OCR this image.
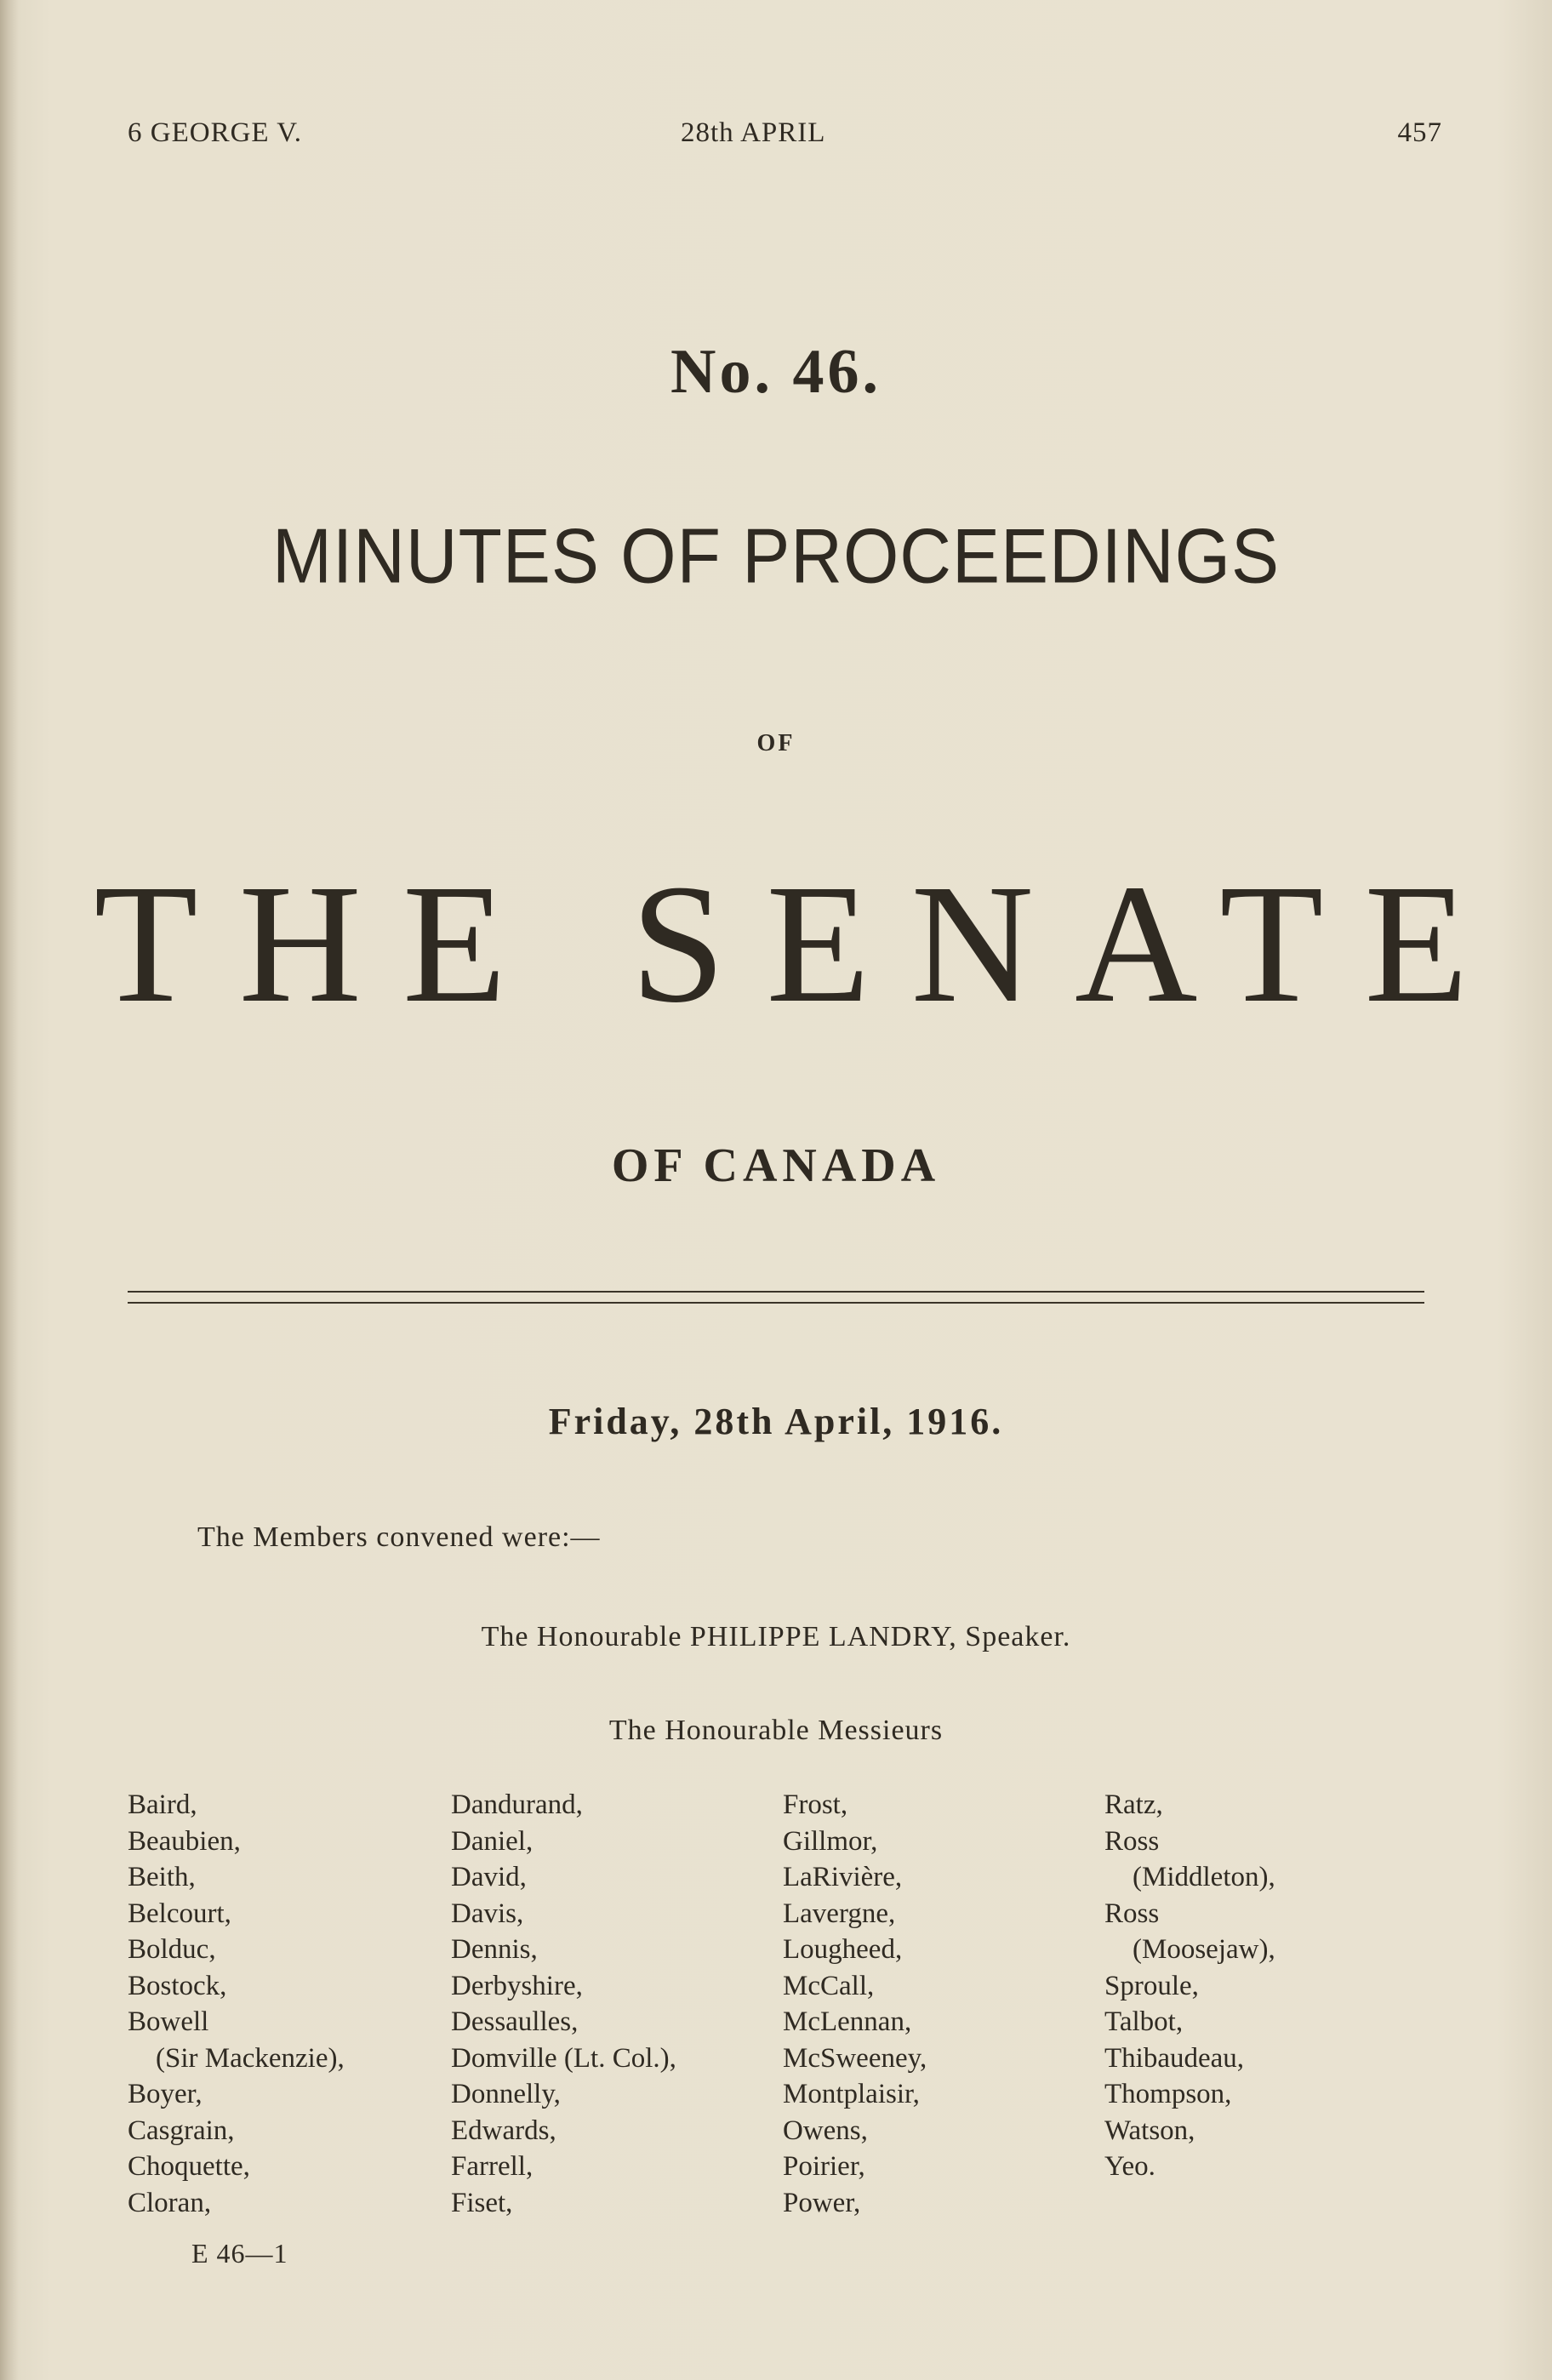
6 GEORGE V.	28th APRIL	457
No. 46.
MINUTES OF PROCEEDINGS
OF
THE SENATE
OF CANADA
Friday, 28th April, 1916.
The Members convened were:—
The Honourable PHILIPPE LANDRY, Speaker.
The Honourable Messieurs
Baird,
Beaubien,
Beith,
Belcourt,
Bolduc,
Bostock,
Bowell
(Sir Mackenzie),
Boyer,
Casgrain,
Choquette,
Cloran,
Dandurand,
Daniel,
David,
Davis,
Dennis,
Derbyshire,
Dessaulles,
Domville (Lt. Col.),
Donnelly,
Edwards,
Farrell,
Fiset,
Frost,
Gillmor,
LaRivière,
Lavergne,
Lougheed,
McCall,
McLennan,
McSweeney,
Montplaisir,
Owens,
Poirier,
Power,
Ratz,
Ross
(Middleton),
Ross
(Moosejaw),
Sproule,
Talbot,
Thibaudeau,
Thompson,
Watson,
Yeo.
E 46—1
